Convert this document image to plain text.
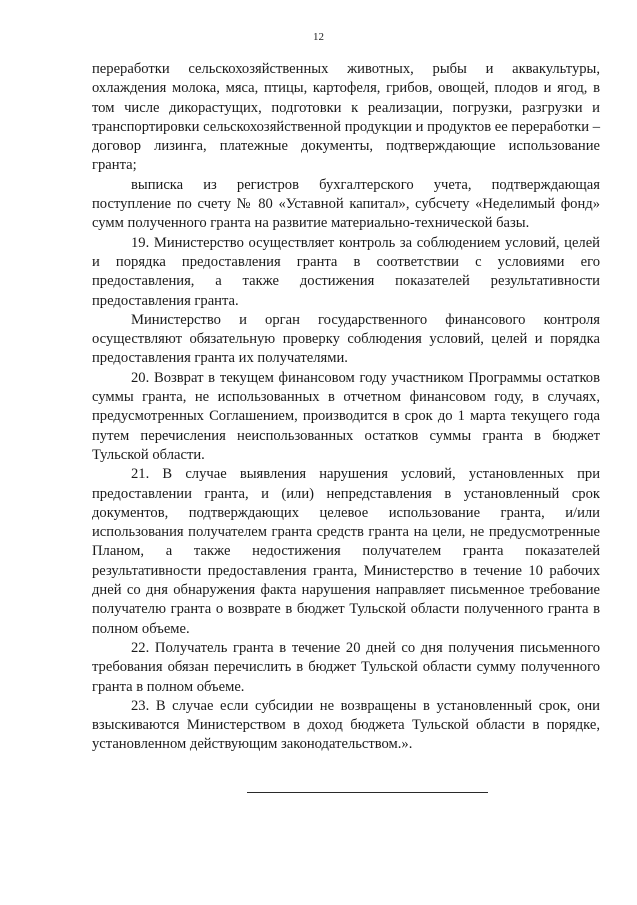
12

переработки сельскохозяйственных животных, рыбы и аквакультуры, охлаждения молока, мяса, птицы, картофеля, грибов, овощей, плодов и ягод, в том числе дикорастущих, подготовки к реализации, погрузки, разгрузки и транспортировки сельскохозяйственной продукции и продуктов ее переработки – договор лизинга, платежные документы, подтверждающие использование гранта;

выписка из регистров бухгалтерского учета, подтверждающая поступление по счету № 80 «Уставной капитал», субсчету «Неделимый фонд» сумм полученного гранта на развитие материально-технической базы.

19. Министерство осуществляет контроль за соблюдением условий, целей и порядка предоставления гранта в соответствии с условиями его предоставления, а также достижения показателей результативности предоставления гранта.

Министерство и орган государственного финансового контроля осуществляют обязательную проверку соблюдения условий, целей и порядка предоставления гранта их получателями.

20. Возврат в текущем финансовом году участником Программы остатков суммы гранта, не использованных в отчетном финансовом году, в случаях, предусмотренных Соглашением, производится в срок до 1 марта текущего года путем перечисления неиспользованных остатков суммы гранта в бюджет Тульской области.

21. В случае выявления нарушения условий, установленных при предоставлении гранта, и (или) непредставления в установленный срок документов, подтверждающих целевое использование гранта, и/или использования получателем гранта средств гранта на цели, не предусмотренные Планом, а также недостижения получателем гранта показателей результативности предоставления гранта, Министерство в течение 10 рабочих дней со дня обнаружения факта нарушения направляет письменное требование получателю гранта о возврате в бюджет Тульской области полученного гранта в полном объеме.

22. Получатель гранта в течение 20 дней со дня получения письменного требования обязан перечислить в бюджет Тульской области сумму полученного гранта в полном объеме.

23. В случае если субсидии не возвращены в установленный срок, они взыскиваются Министерством в доход бюджета Тульской области в порядке, установленном действующим законодательством.».
